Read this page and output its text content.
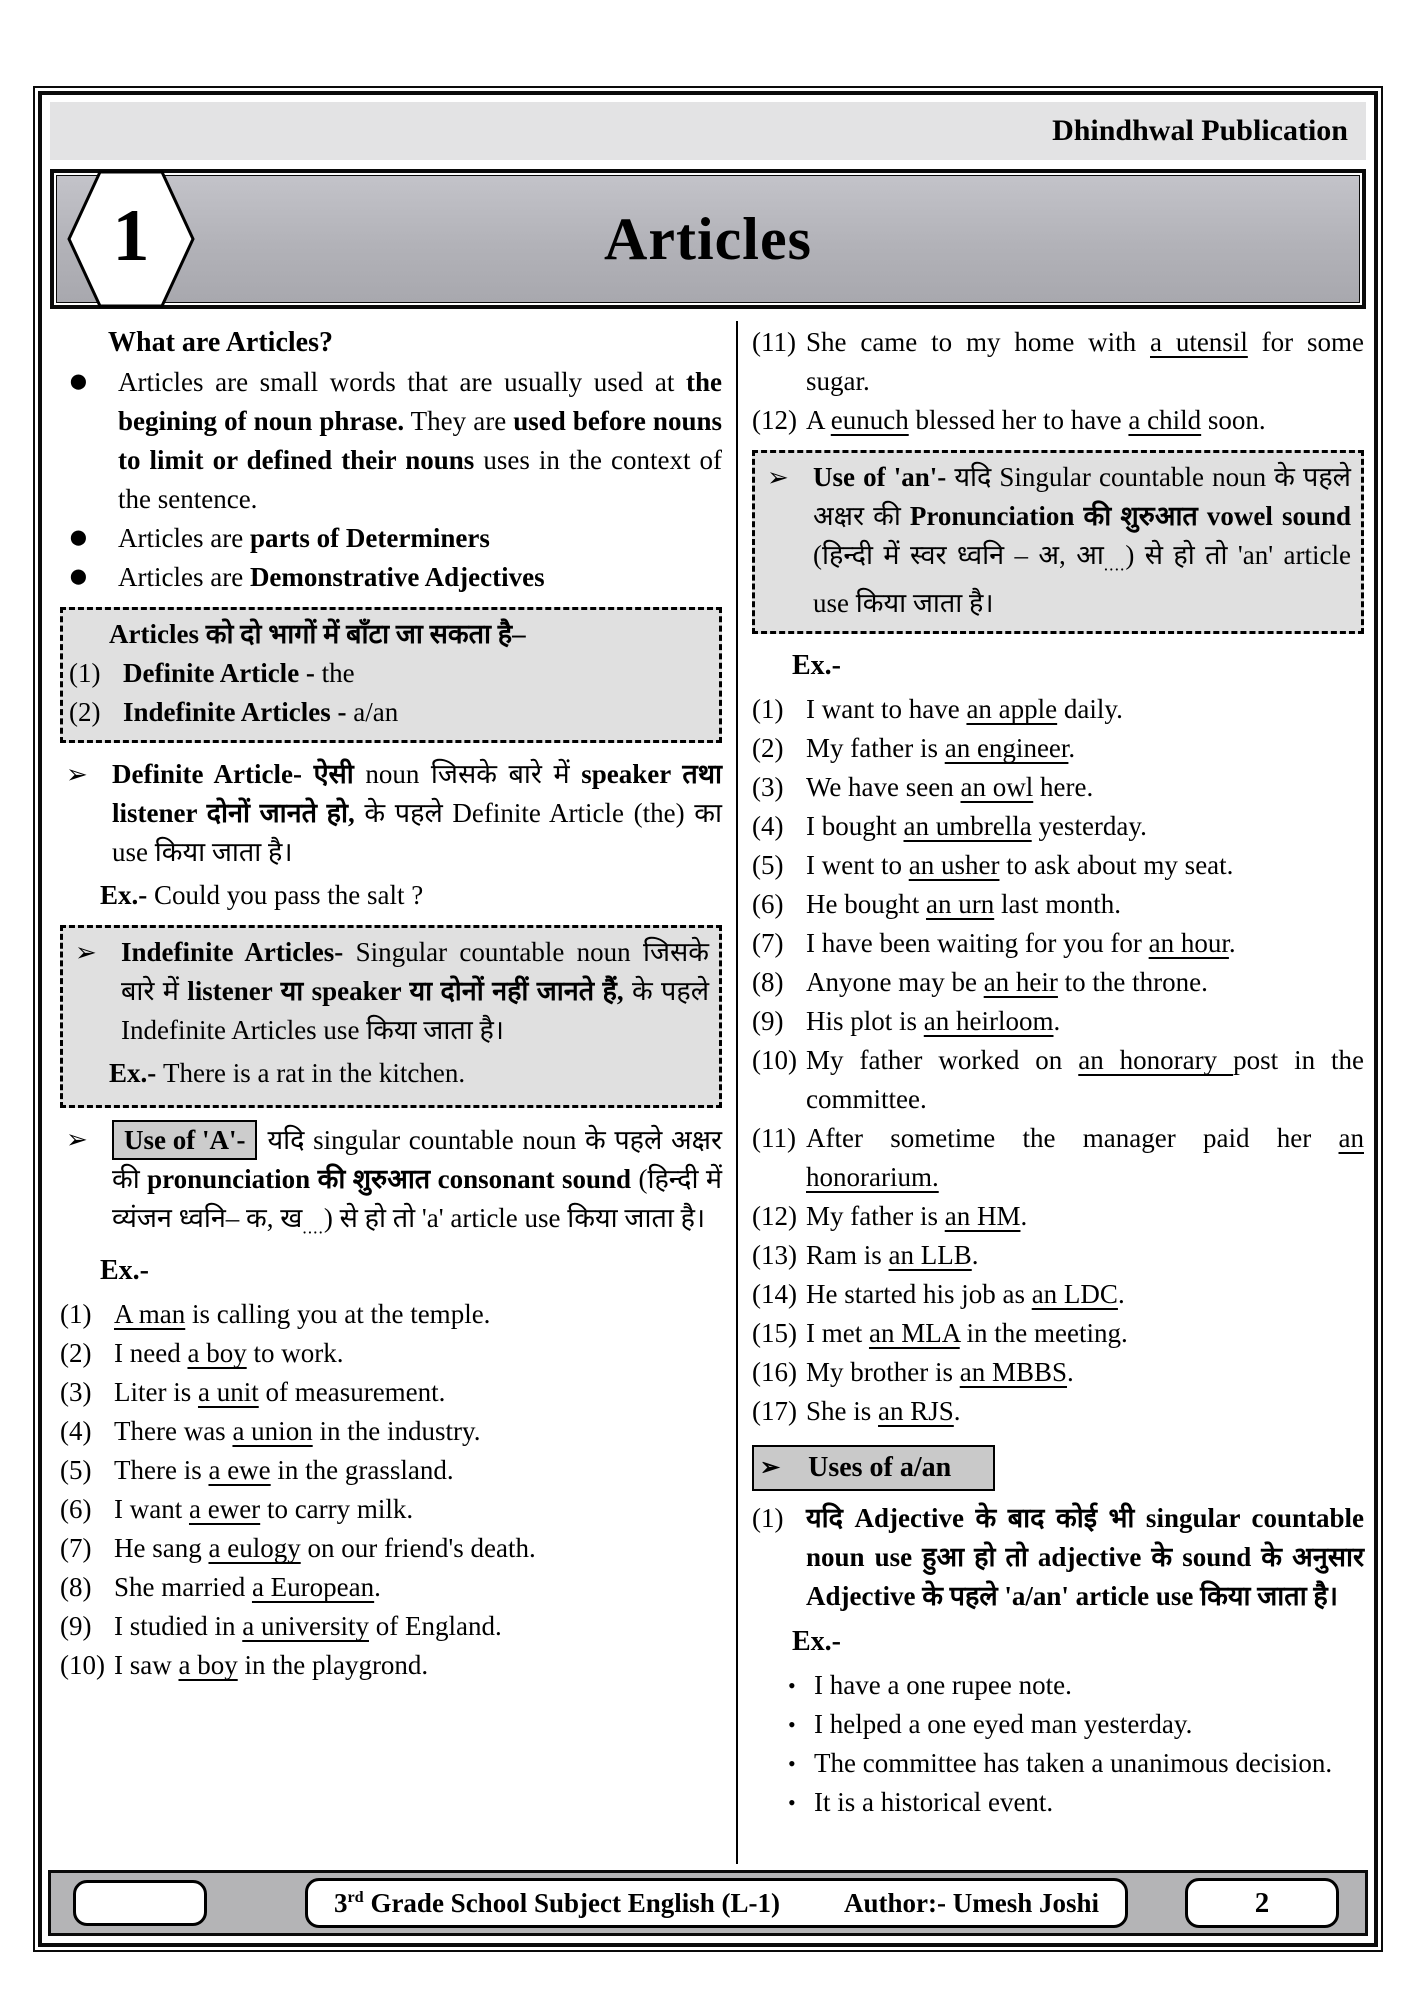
Dhindhwal Publication
1	Articles
What are Articles?
⬤	Articles are small words that are usually used at the begining of noun phrase. They are used before nouns to limit or defined their nouns uses in the context of the sentence.
⬤	Articles are parts of Determiners
⬤	Articles are Demonstrative Adjectives
Articles को दो भागों में बाँटा जा सकता है–
(1) Definite Article - the
(2) Indefinite Articles - a/an
➢ Definite Article- ऐसी noun जिसके बारे में speaker तथा listener दोनों जानते हो, के पहले Definite Article (the) का use किया जाता है।
Ex.- Could you pass the salt ?
➢ Indefinite Articles- Singular countable noun जिसके बारे में listener या speaker या दोनों नहीं जानते हैं, के पहले Indefinite Articles use किया जाता है।
Ex.- There is a rat in the kitchen.
➢	Use of 'A'- यदि singular countable noun के पहले अक्षर की pronunciation की शुरुआत consonant sound (हिन्दी में व्यंजन ध्वनि– क, ख$_{....}$) से हो तो 'a' article use किया जाता है।
Ex.-
(1) A man is calling you at the temple.
(2) I need a boy to work.
(3) Liter is a unit of measurement.
(4) There was a union in the industry.
(5) There is a ewe in the grassland.
(6) I want a ewer to carry milk.
(7) He sang a eulogy on our friend's death.
(8) She married a European.
(9) I studied in a university of England.
(10) I saw a boy in the playgrond.
(11) She came to my home with a utensil for some sugar.
(12) A eunuch blessed her to have a child soon.
➢ Use of 'an'- यदि Singular countable noun के पहले अक्षर की Pronunciation की शुरुआत vowel sound (हिन्दी में स्वर ध्वनि – अ, आ$_{....}$) से हो तो 'an' article use किया जाता है।
Ex.-
(1) I want to have an apple daily.
(2) My father is an engineer.
(3) We have seen an owl here.
(4) I bought an umbrella yesterday.
(5) I went to an usher to ask about my seat.
(6) He bought an urn last month.
(7) I have been waiting for you for an hour.
(8) Anyone may be an heir to the throne.
(9) His plot is an heirloom.
(10) My father worked on an honorary post in the committee.
(11) After sometime the manager paid her an honorarium.
(12) My father is an HM.
(13) Ram is an LLB.
(14) He started his job as an LDC.
(15) I met an MLA in the meeting.
(16) My brother is an MBBS.
(17) She is an RJS.
➢ Uses of a/an
(1) यदि Adjective के बाद कोई भी singular countable noun use हुआ हो तो adjective के sound के अनुसार Adjective के पहले 'a/an' article use किया जाता है।
Ex.-
• I have a one rupee note.
• I helped a one eyed man yesterday.
• The committee has taken a unanimous decision.
• It is a historical event.
3rd Grade School Subject English (L-1) Author:- Umesh Joshi	2
